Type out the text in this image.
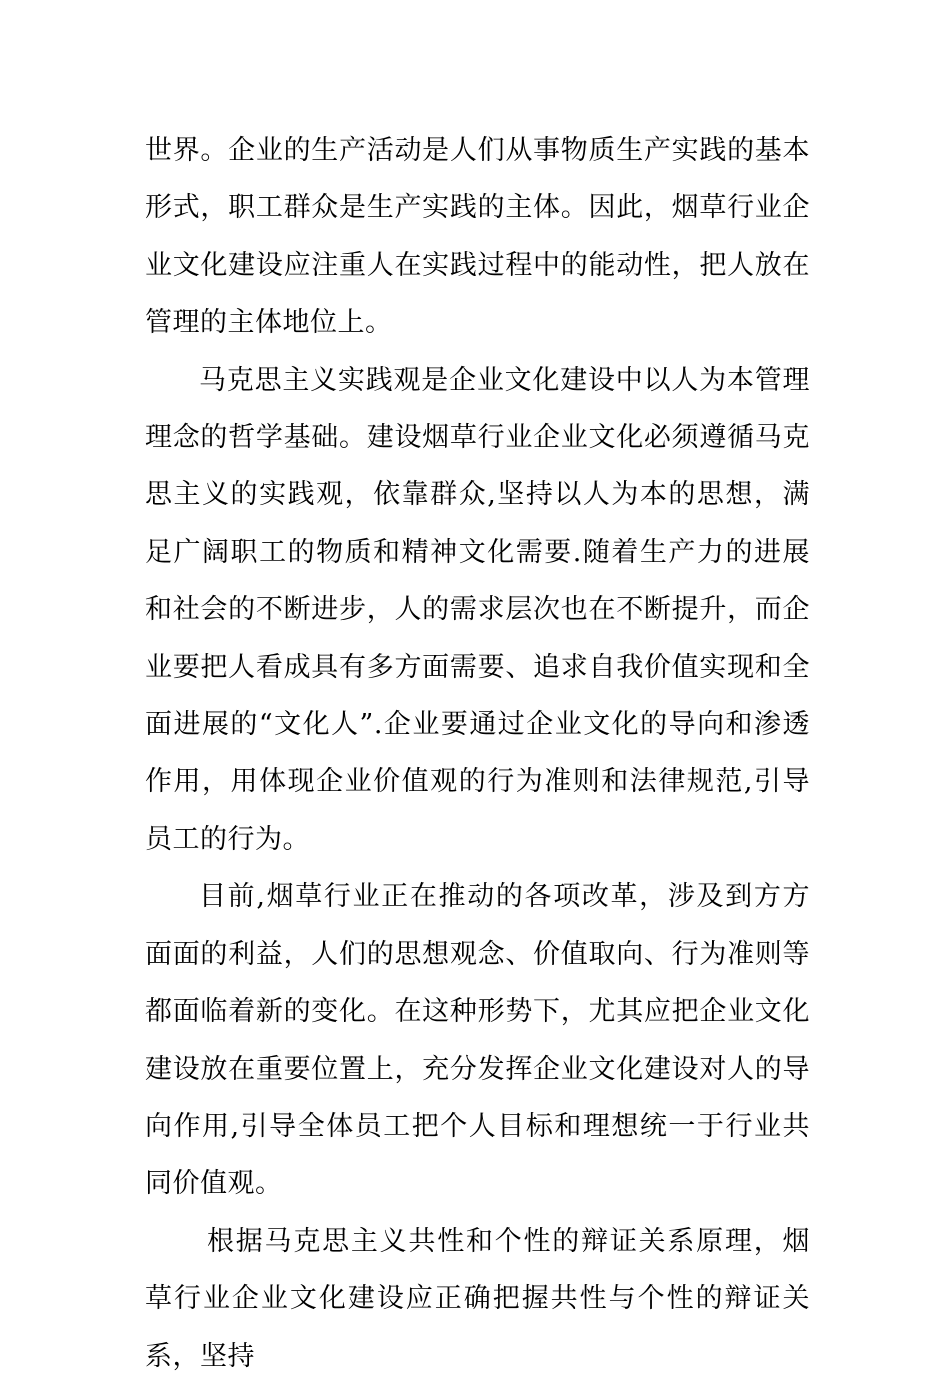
世界。企业的生产活动是人们从事物质生产实践的基本形式，职工群众是生产实践的主体。因此，烟草行业企业文化建设应注重人在实践过程中的能动性，把人放在管理的主体地位上。

马克思主义实践观是企业文化建设中以人为本管理理念的哲学基础。建设烟草行业企业文化必须遵循马克思主义的实践观，依靠群众,坚持以人为本的思想，满足广阔职工的物质和精神文化需要.随着生产力的进展和社会的不断进步，人的需求层次也在不断提升，而企业要把人看成具有多方面需要、追求自我价值实现和全面进展的“文化人”.企业要通过企业文化的导向和渗透作用，用体现企业价值观的行为准则和法律规范,引导员工的行为。

目前,烟草行业正在推动的各项改革，涉及到方方面面的利益，人们的思想观念、价值取向、行为准则等都面临着新的变化。在这种形势下，尤其应把企业文化建设放在重要位置上，充分发挥企业文化建设对人的导向作用,引导全体员工把个人目标和理想统一于行业共同价值观。

根据马克思主义共性和个性的辩证关系原理，烟草行业企业文化建设应正确把握共性与个性的辩证关系，坚持
